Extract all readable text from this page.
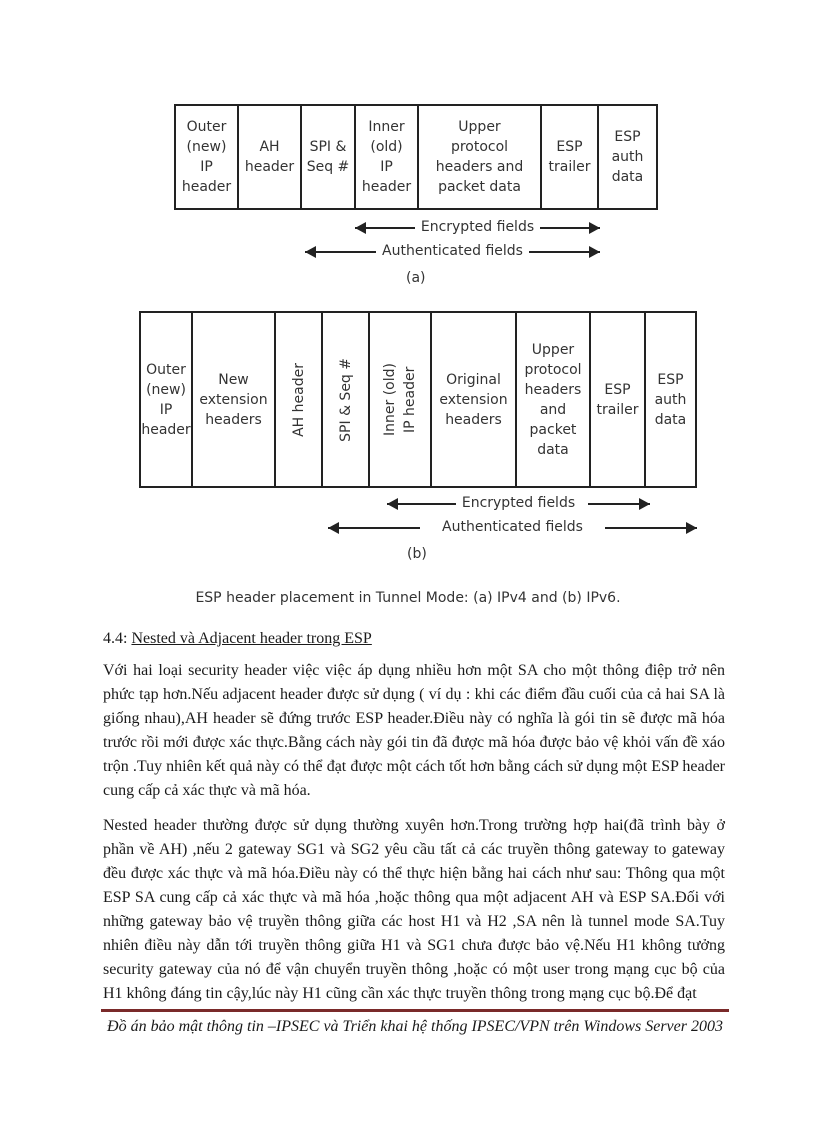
Outer
(new)
IP
header
AH
header
SPI &
Seq #
Inner
(old)
IP
header
Upper
protocol
headers and
packet data
ESP
trailer
ESP
auth
data
Encrypted fields
Authenticated fields
(a)
Outer
(new)
IP
header
New
extension
headers	AH header SPI & Seq # Inner (old)
IP header	Original
extension
headers
Upper
protocol
headers
and
packet
data
ESP
trailer
ESP
auth
data
Encrypted fields
Authenticated fields
(b)
ESP header placement in Tunnel Mode: (a) IPv4 and (b) IPv6.
4.4: Nested và Adjacent header trong ESP

Với hai loại security header việc việc áp dụng nhiều hơn một SA cho một thông điệp trở nên phức tạp hơn.Nếu adjacent header được sử dụng ( ví dụ : khi các điểm đầu cuối của cả hai SA là giống nhau),AH header sẽ đứng trước ESP header.Điều này có nghĩa là gói tin sẽ được mã hóa trước rồi mới được xác thực.Bằng cách này gói tin đã được mã hóa được bảo vệ khỏi vấn đề xáo trộn .Tuy nhiên kết quả này có thể đạt được một cách tốt hơn bằng cách sử dụng một ESP header cung cấp cả xác thực và mã hóa.

Nested header thường được sử dụng thường xuyên hơn.Trong trường hợp hai(đã trình bày ở phần về AH) ,nếu 2 gateway SG1 và SG2 yêu cầu tất cả các truyền thông gateway to gateway đều được xác thực và mã hóa.Điều này có thể thực hiện bằng hai cách như sau: Thông qua một ESP SA cung cấp cả xác thực và mã hóa ,hoặc thông qua một adjacent AH và ESP SA.Đối với những gateway bảo vệ truyền thông giữa các host H1 và H2 ,SA nên là tunnel mode SA.Tuy nhiên điều này dẫn tới truyền thông giữa H1 và SG1 chưa được bảo vệ.Nếu H1 không tưởng security gateway của nó để vận chuyển truyền thông ,hoặc có một user trong mạng cục bộ của H1 không đáng tin cậy,lúc này H1 cũng cần xác thực truyền thông trong mạng cục bộ.Để đạt

Đồ án bảo mật thông tin –IPSEC và Triển khai hệ thống IPSEC/VPN trên Windows Server 2003
